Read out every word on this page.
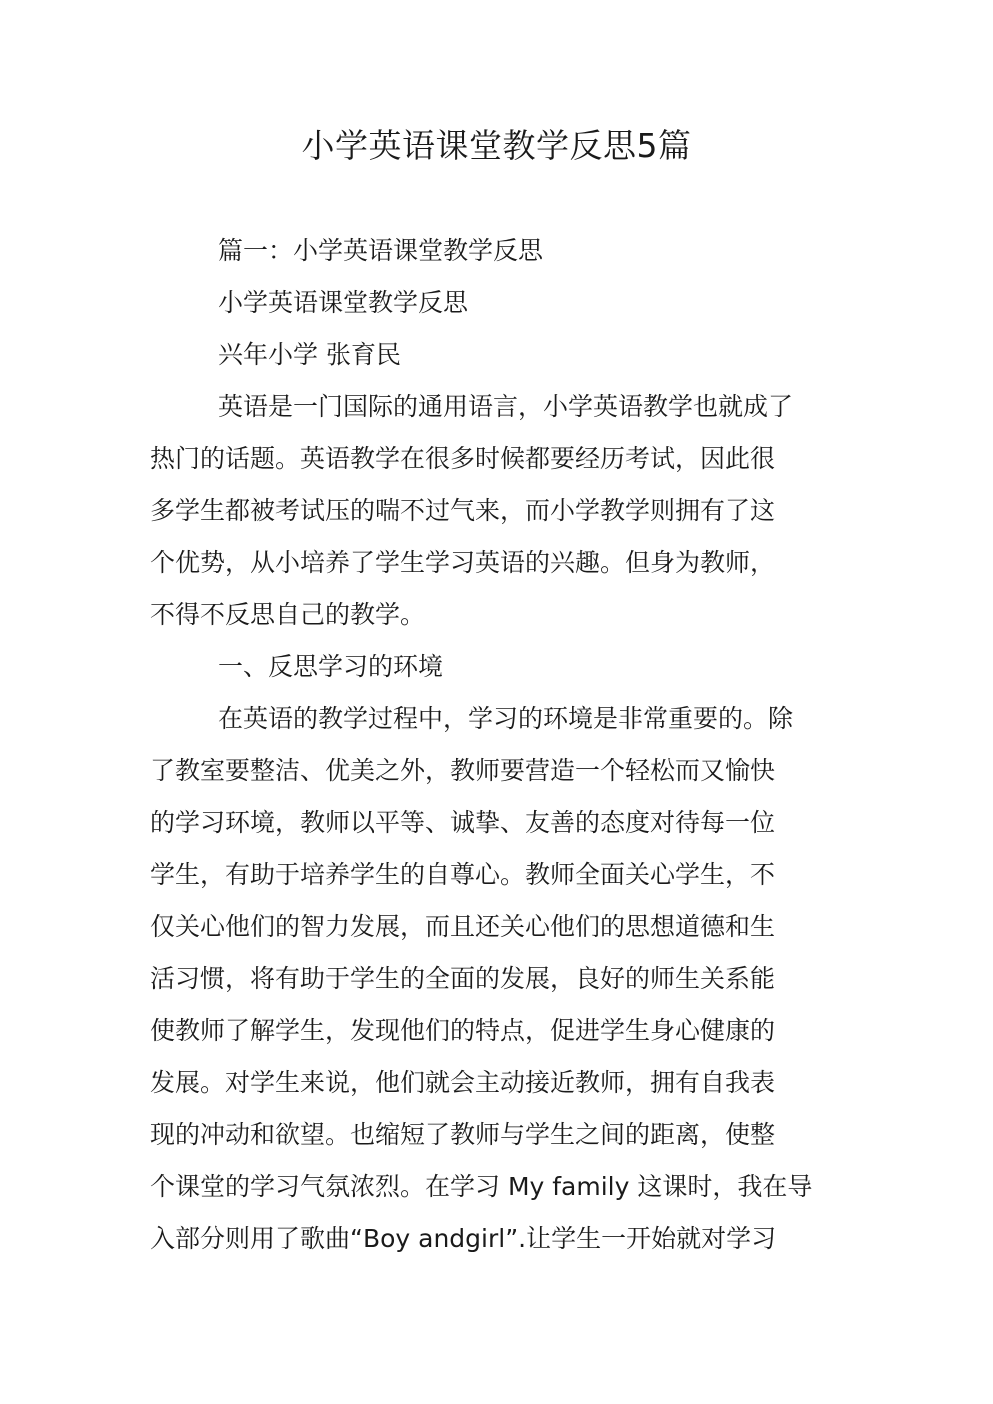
小学英语课堂教学反思5篇

篇一：小学英语课堂教学反思

小学英语课堂教学反思

兴年小学 张育民

英语是一门国际的通用语言，小学英语教学也就成了

热门的话题。英语教学在很多时候都要经历考试，因此很

多学生都被考试压的喘不过气来，而小学教学则拥有了这

个优势，从小培养了学生学习英语的兴趣。但身为教师，

不得不反思自己的教学。

一、反思学习的环境

在英语的教学过程中，学习的环境是非常重要的。除

了教室要整洁、优美之外，教师要营造一个轻松而又愉快

的学习环境，教师以平等、诚挚、友善的态度对待每一位

学生，有助于培养学生的自尊心。教师全面关心学生，不

仅关心他们的智力发展，而且还关心他们的思想道德和生

活习惯，将有助于学生的全面的发展，良好的师生关系能

使教师了解学生，发现他们的特点，促进学生身心健康的

发展。对学生来说，他们就会主动接近教师，拥有自我表

现的冲动和欲望。也缩短了教师与学生之间的距离，使整

个课堂的学习气氛浓烈。在学习 My family 这课时，我在导

入部分则用了歌曲“Boy andgirl”.让学生一开始就对学习
